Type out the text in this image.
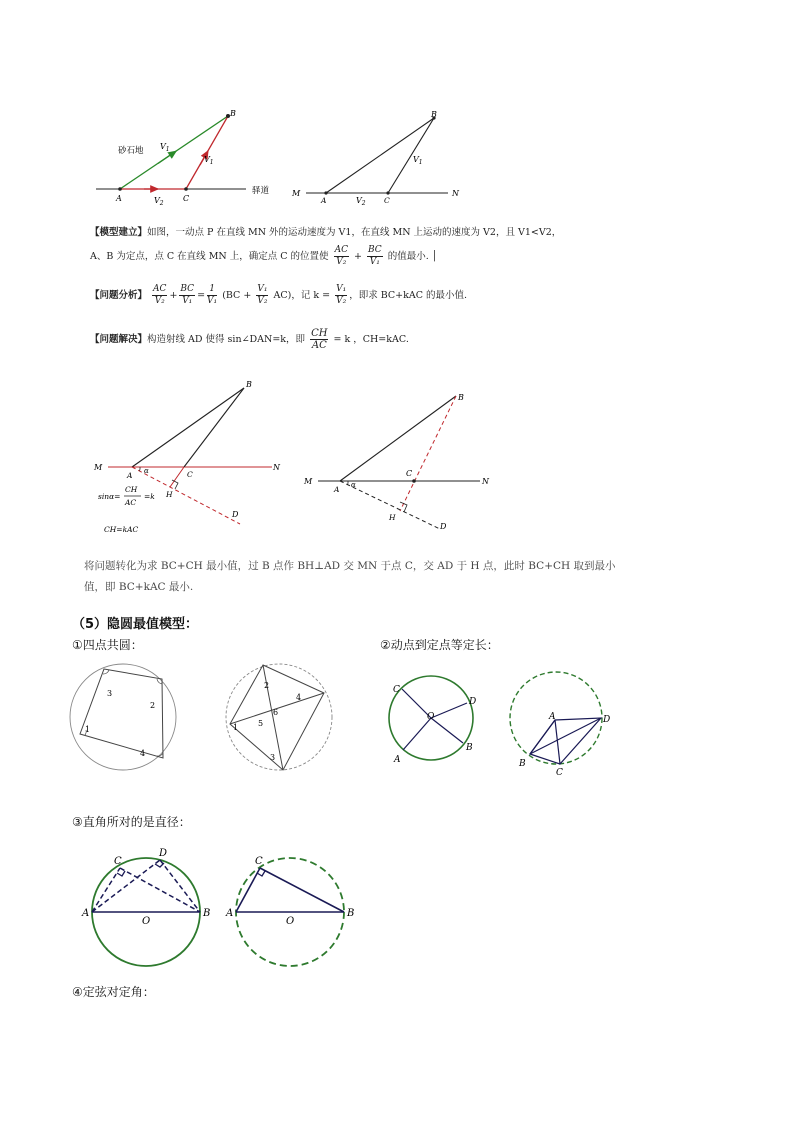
B
砂石地 $V_1$
$V_1$
$V_2$
A	C
驿道
B
$V_1$
M
A	$V_2$ C
N
【模型建立】如图，一动点 P 在直线 MN 外的运动速度为 V1，在直线 MN 上运动的速度为 V2，且 V1<V2，
A、B 为定点，点 C 在直线 MN 上，确定点 C 的位置使 $\frac{AC}{\text{V₂}} + \frac{BC}{\text{V₁}}$ 的值最小. │
【问题分析】 $\frac{AC}{\text{V₂}} + \frac{BC}{\text{V₁}} = \frac{1}{\text{V₁}} (BC + \frac{\text{V₁}}{\text{V₂}} AC)$，记 $k = \frac{\text{V₁}}{\text{V₂}}$ ，即求 BC+kAC 的最小值.
【问题解决】构造射线 AD 使得 sin∠DAN=k，即 $\frac{CH}{AC} = k$ ，CH=kAC.
B
M
A α	C
N
H
D
sinα=
CH
AC
=k
CH=kAC
B
M
A α
C
N
H
D
将问题转化为求 BC+CH 最小值，过 B 点作 BH⊥AD 交 MN 于点 C，交 AD 于 H 点，此时 BC+CH 取到最小
值，即 BC+kAC 最小.
（5）隐圆最值模型：
①四点共圆：	②动点到定点等定长：
1
2
3
4
1
2
3
4
5
6
C
D
O
A
B
A	D
B
C
③直角所对的是直径：
C
D
A
O
B
C
A
O
B
④定弦对定角：
